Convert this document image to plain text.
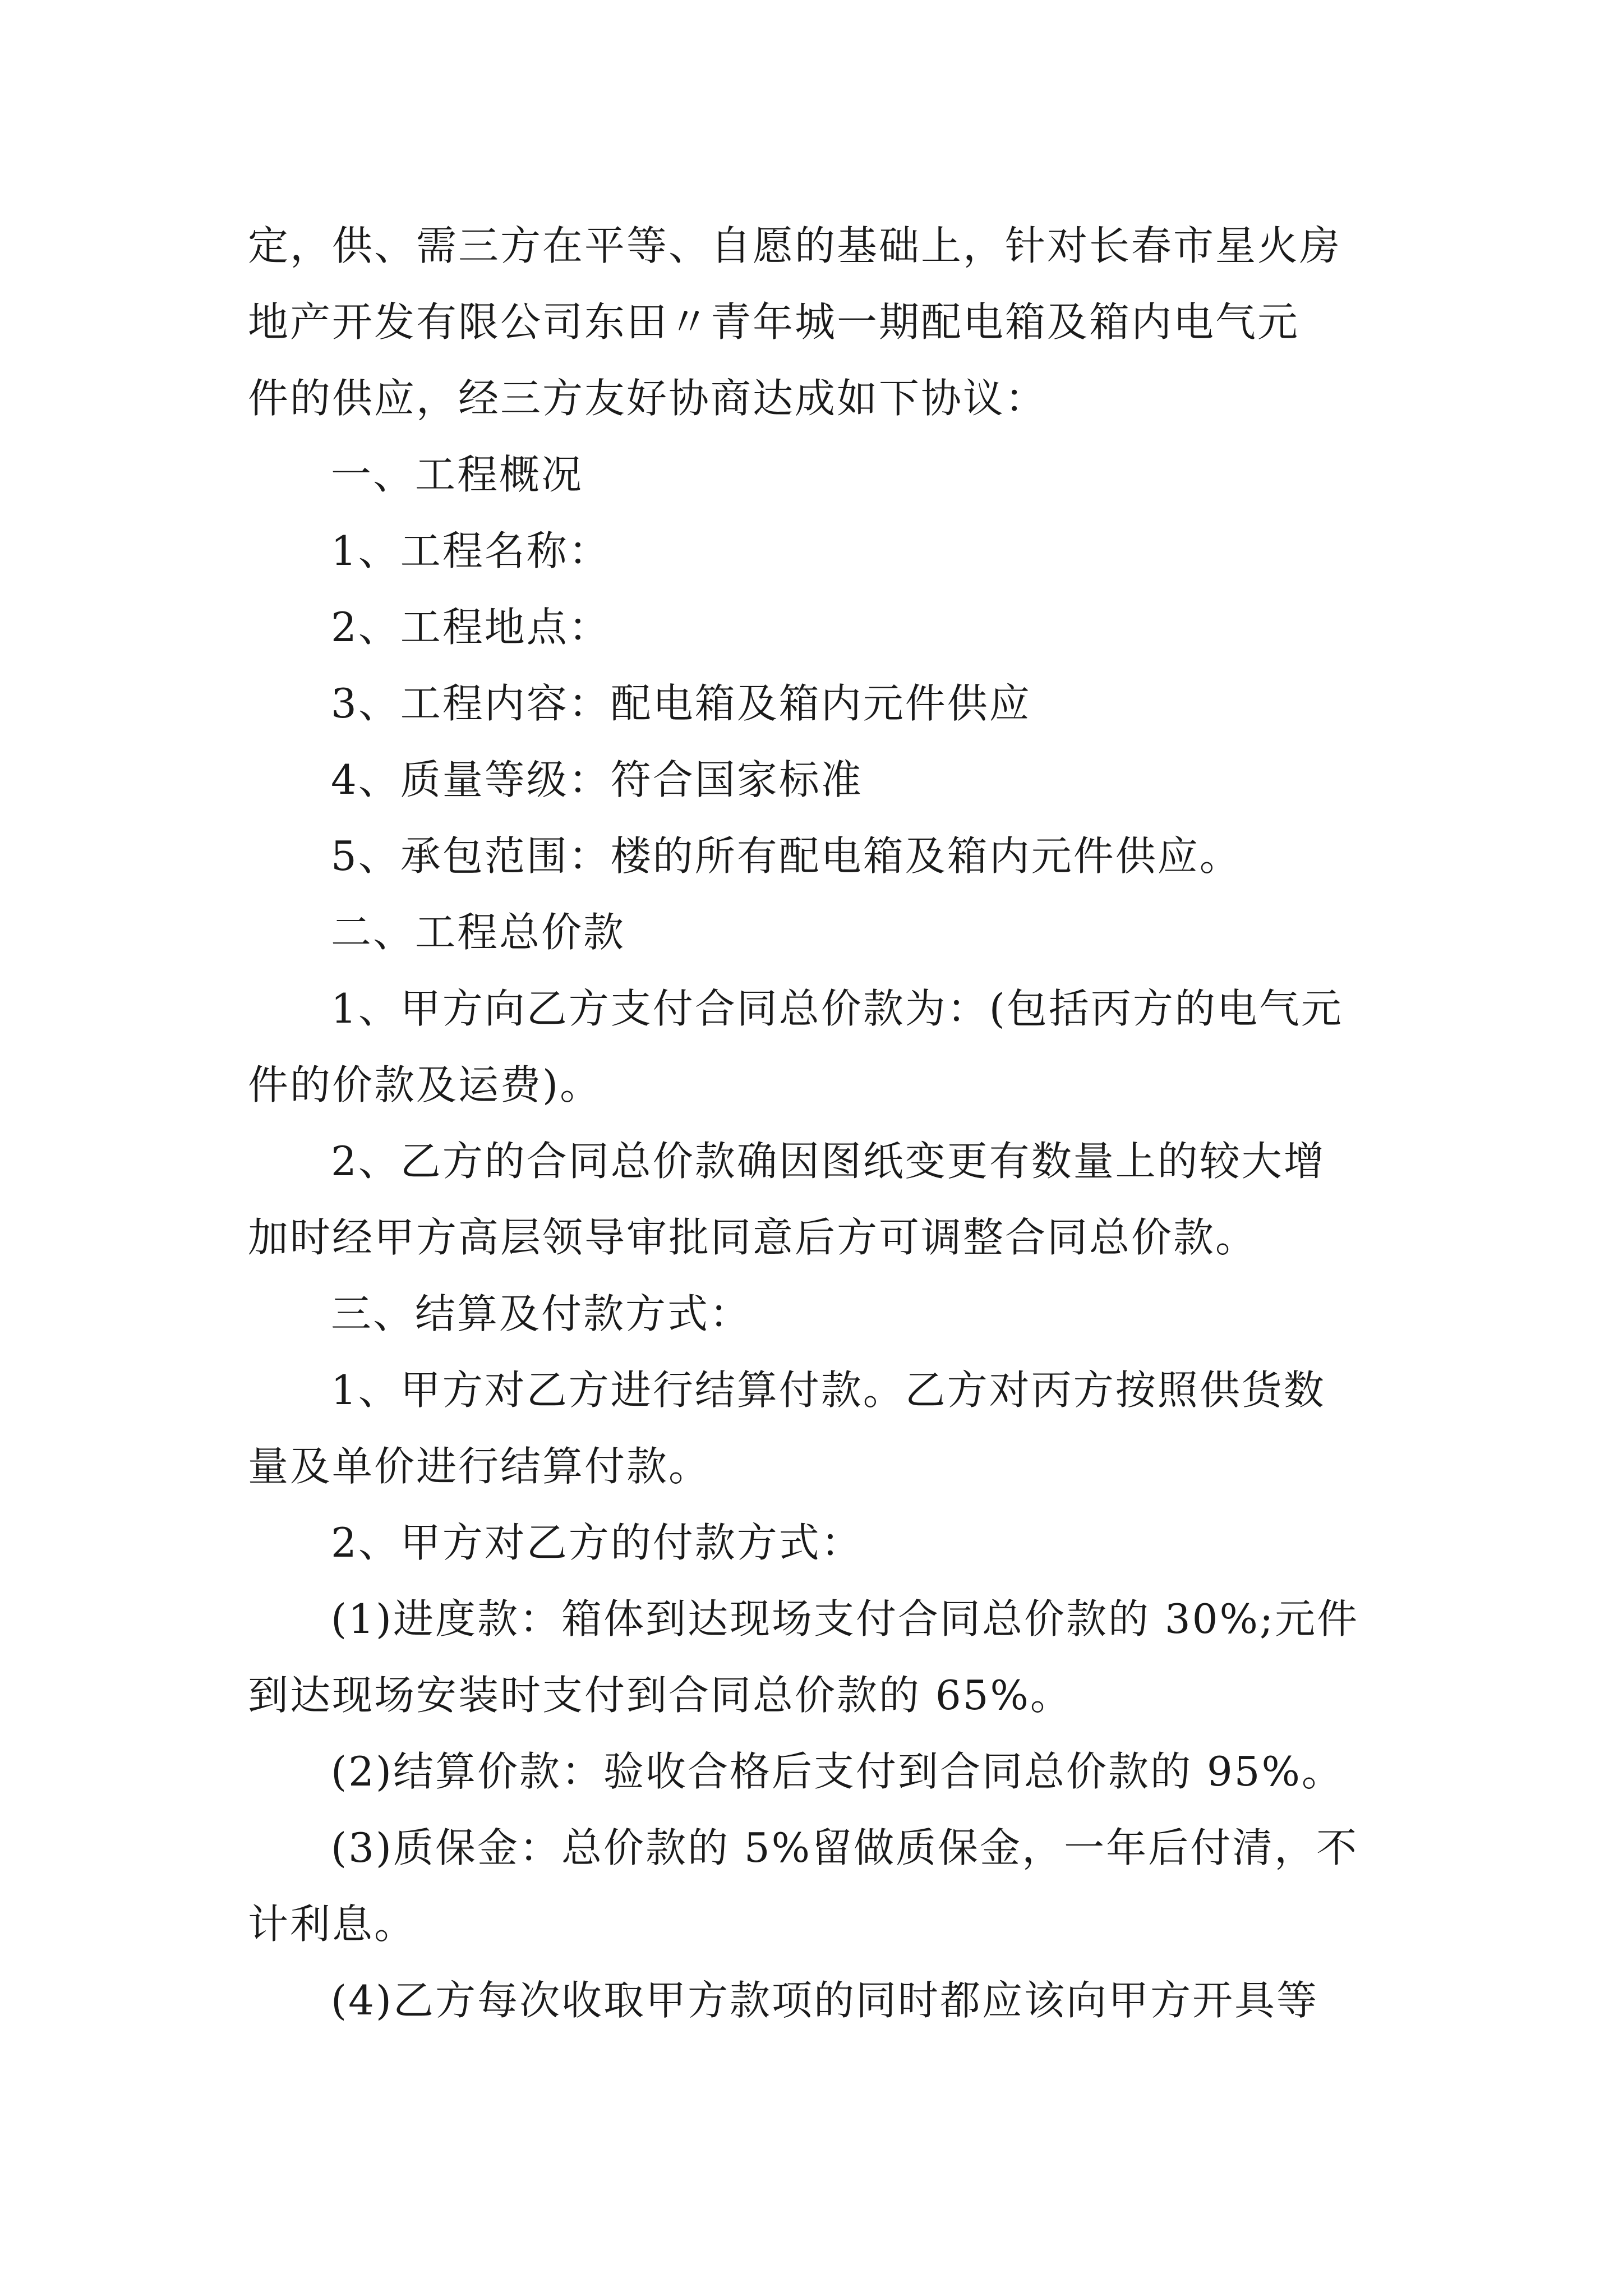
定，供、需三方在平等、自愿的基础上，针对长春市星火房
地产开发有限公司东田〃青年城一期配电箱及箱内电气元
件的供应，经三方友好协商达成如下协议：

一、工程概况

1、工程名称：

2、工程地点：

3、工程内容：配电箱及箱内元件供应

4、质量等级：符合国家标准

5、承包范围：楼的所有配电箱及箱内元件供应。

二、工程总价款

1、甲方向乙方支付合同总价款为：(包括丙方的电气元
件的价款及运费)。

2、乙方的合同总价款确因图纸变更有数量上的较大增
加时经甲方高层领导审批同意后方可调整合同总价款。

三、结算及付款方式：

1、甲方对乙方进行结算付款。乙方对丙方按照供货数
量及单价进行结算付款。

2、甲方对乙方的付款方式：

(1)进度款：箱体到达现场支付合同总价款的 30%;元件
到达现场安装时支付到合同总价款的 65%。

(2)结算价款：验收合格后支付到合同总价款的 95%。

(3)质保金：总价款的 5%留做质保金，一年后付清，不
计利息。

(4)乙方每次收取甲方款项的同时都应该向甲方开具等
